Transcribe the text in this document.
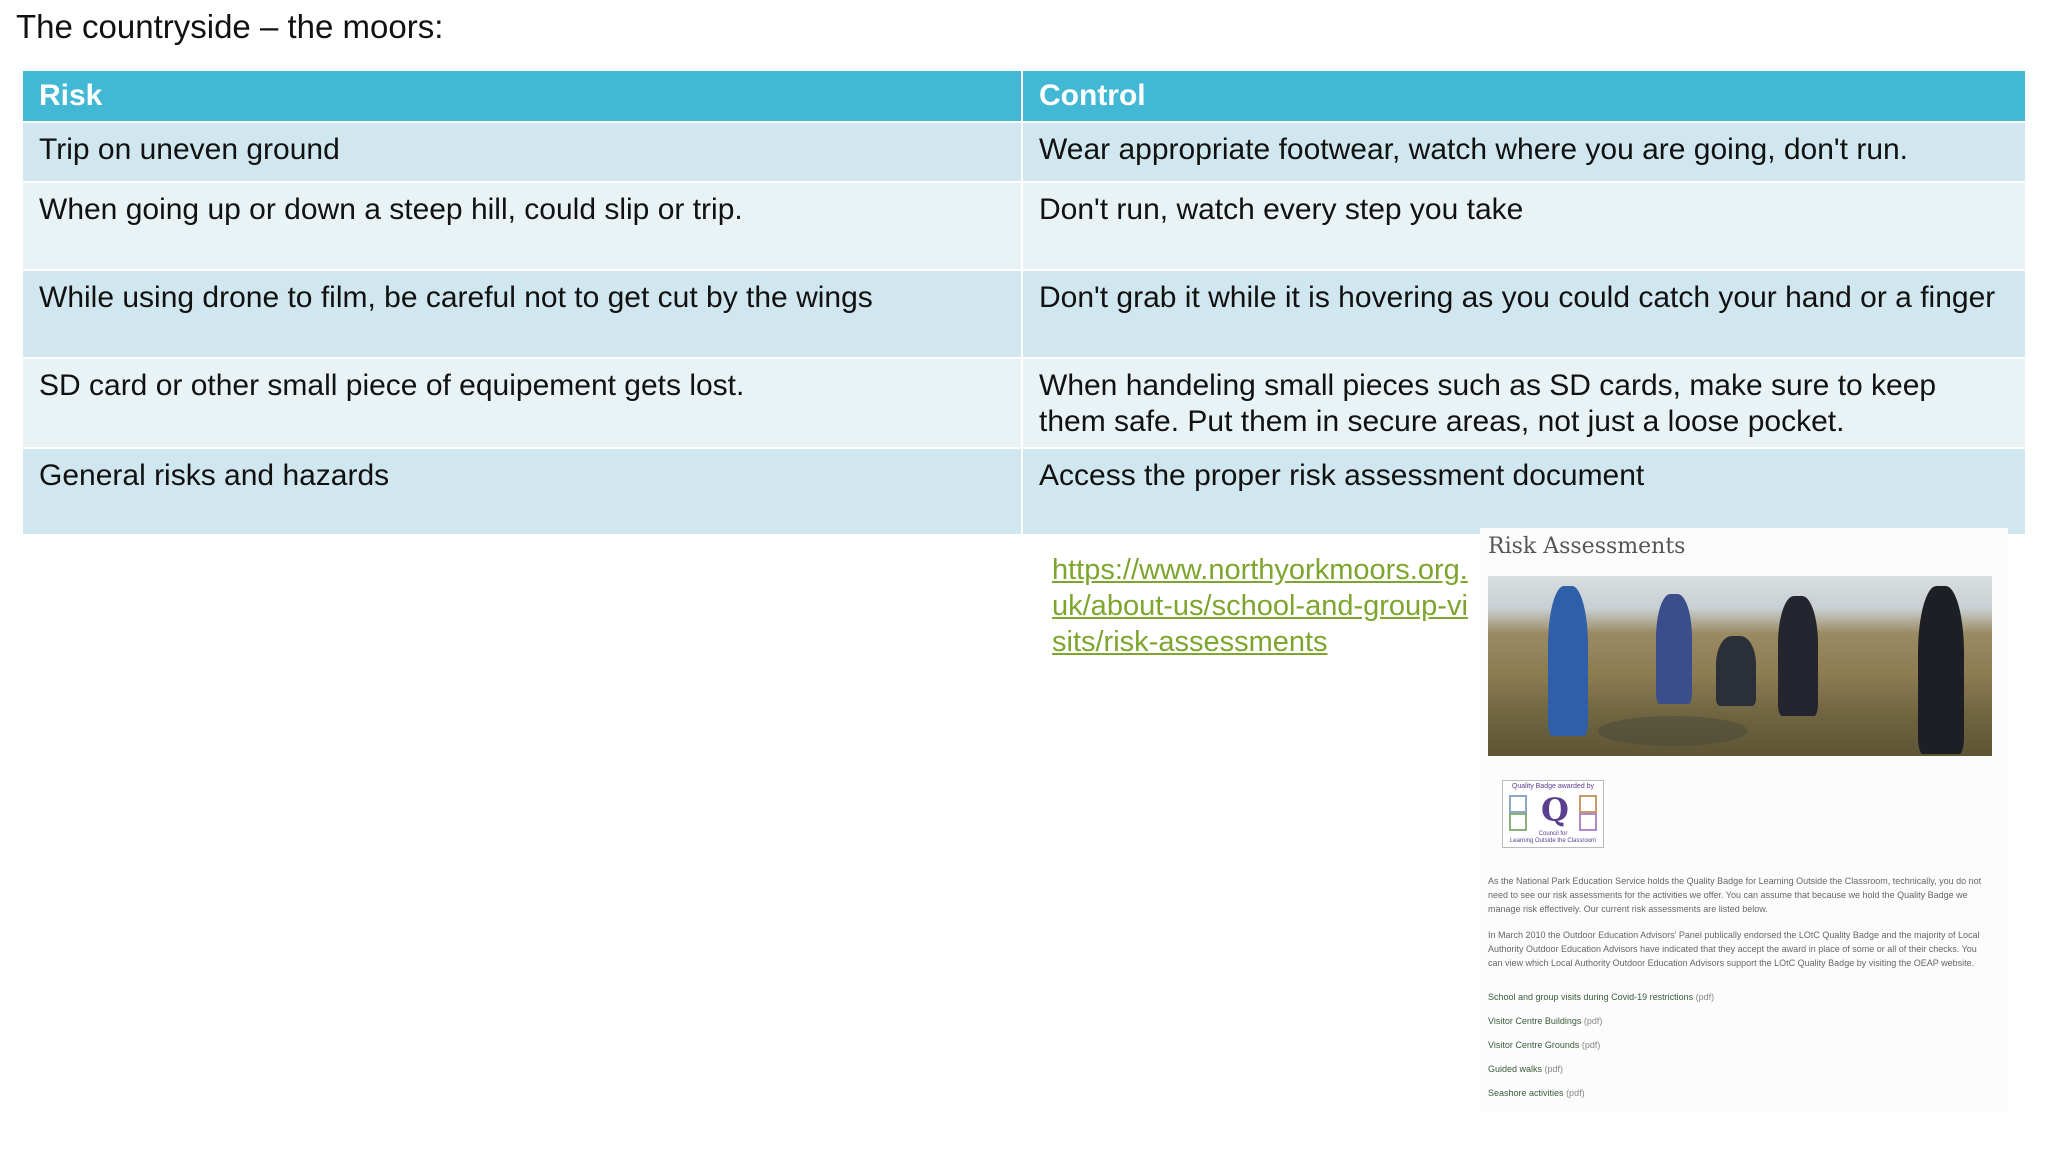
The countryside – the moors:
Risk	Control
Trip on uneven ground	Wear appropriate footwear, watch where you are going, don't run.
When going up or down a steep hill, could slip or trip.	Don't run, watch every step you take
While using drone to film, be careful not to get cut by the wings	Don't grab it while it is hovering as you could catch your hand or a finger
SD card or other small piece of equipement gets lost.	When handeling small pieces such as SD cards, make sure to keep them safe. Put them in secure areas, not just a loose pocket.
General risks and hazards	Access the proper risk assessment document
https://www.northyorkmoors.org.uk/about-us/school-and-group-visits/risk-assessments
Risk Assessments
Quality Badge awarded by
Q
Council for
Learning Outside the Classroom
As the National Park Education Service holds the Quality Badge for Learning Outside the Classroom, technically, you do not need to see our risk assessments for the activities we offer. You can assume that because we hold the Quality Badge we manage risk effectively. Our current risk assessments are listed below.
In March 2010 the Outdoor Education Advisors' Panel publically endorsed the LOtC Quality Badge and the majority of Local Authority Outdoor Education Advisors have indicated that they accept the award in place of some or all of their checks. You can view which Local Authority Outdoor Education Advisors support the LOtC Quality Badge by visiting the OEAP website.
School and group visits during Covid-19 restrictions (pdf)
Visitor Centre Buildings (pdf)
Visitor Centre Grounds (pdf)
Guided walks (pdf)
Seashore activities (pdf)
